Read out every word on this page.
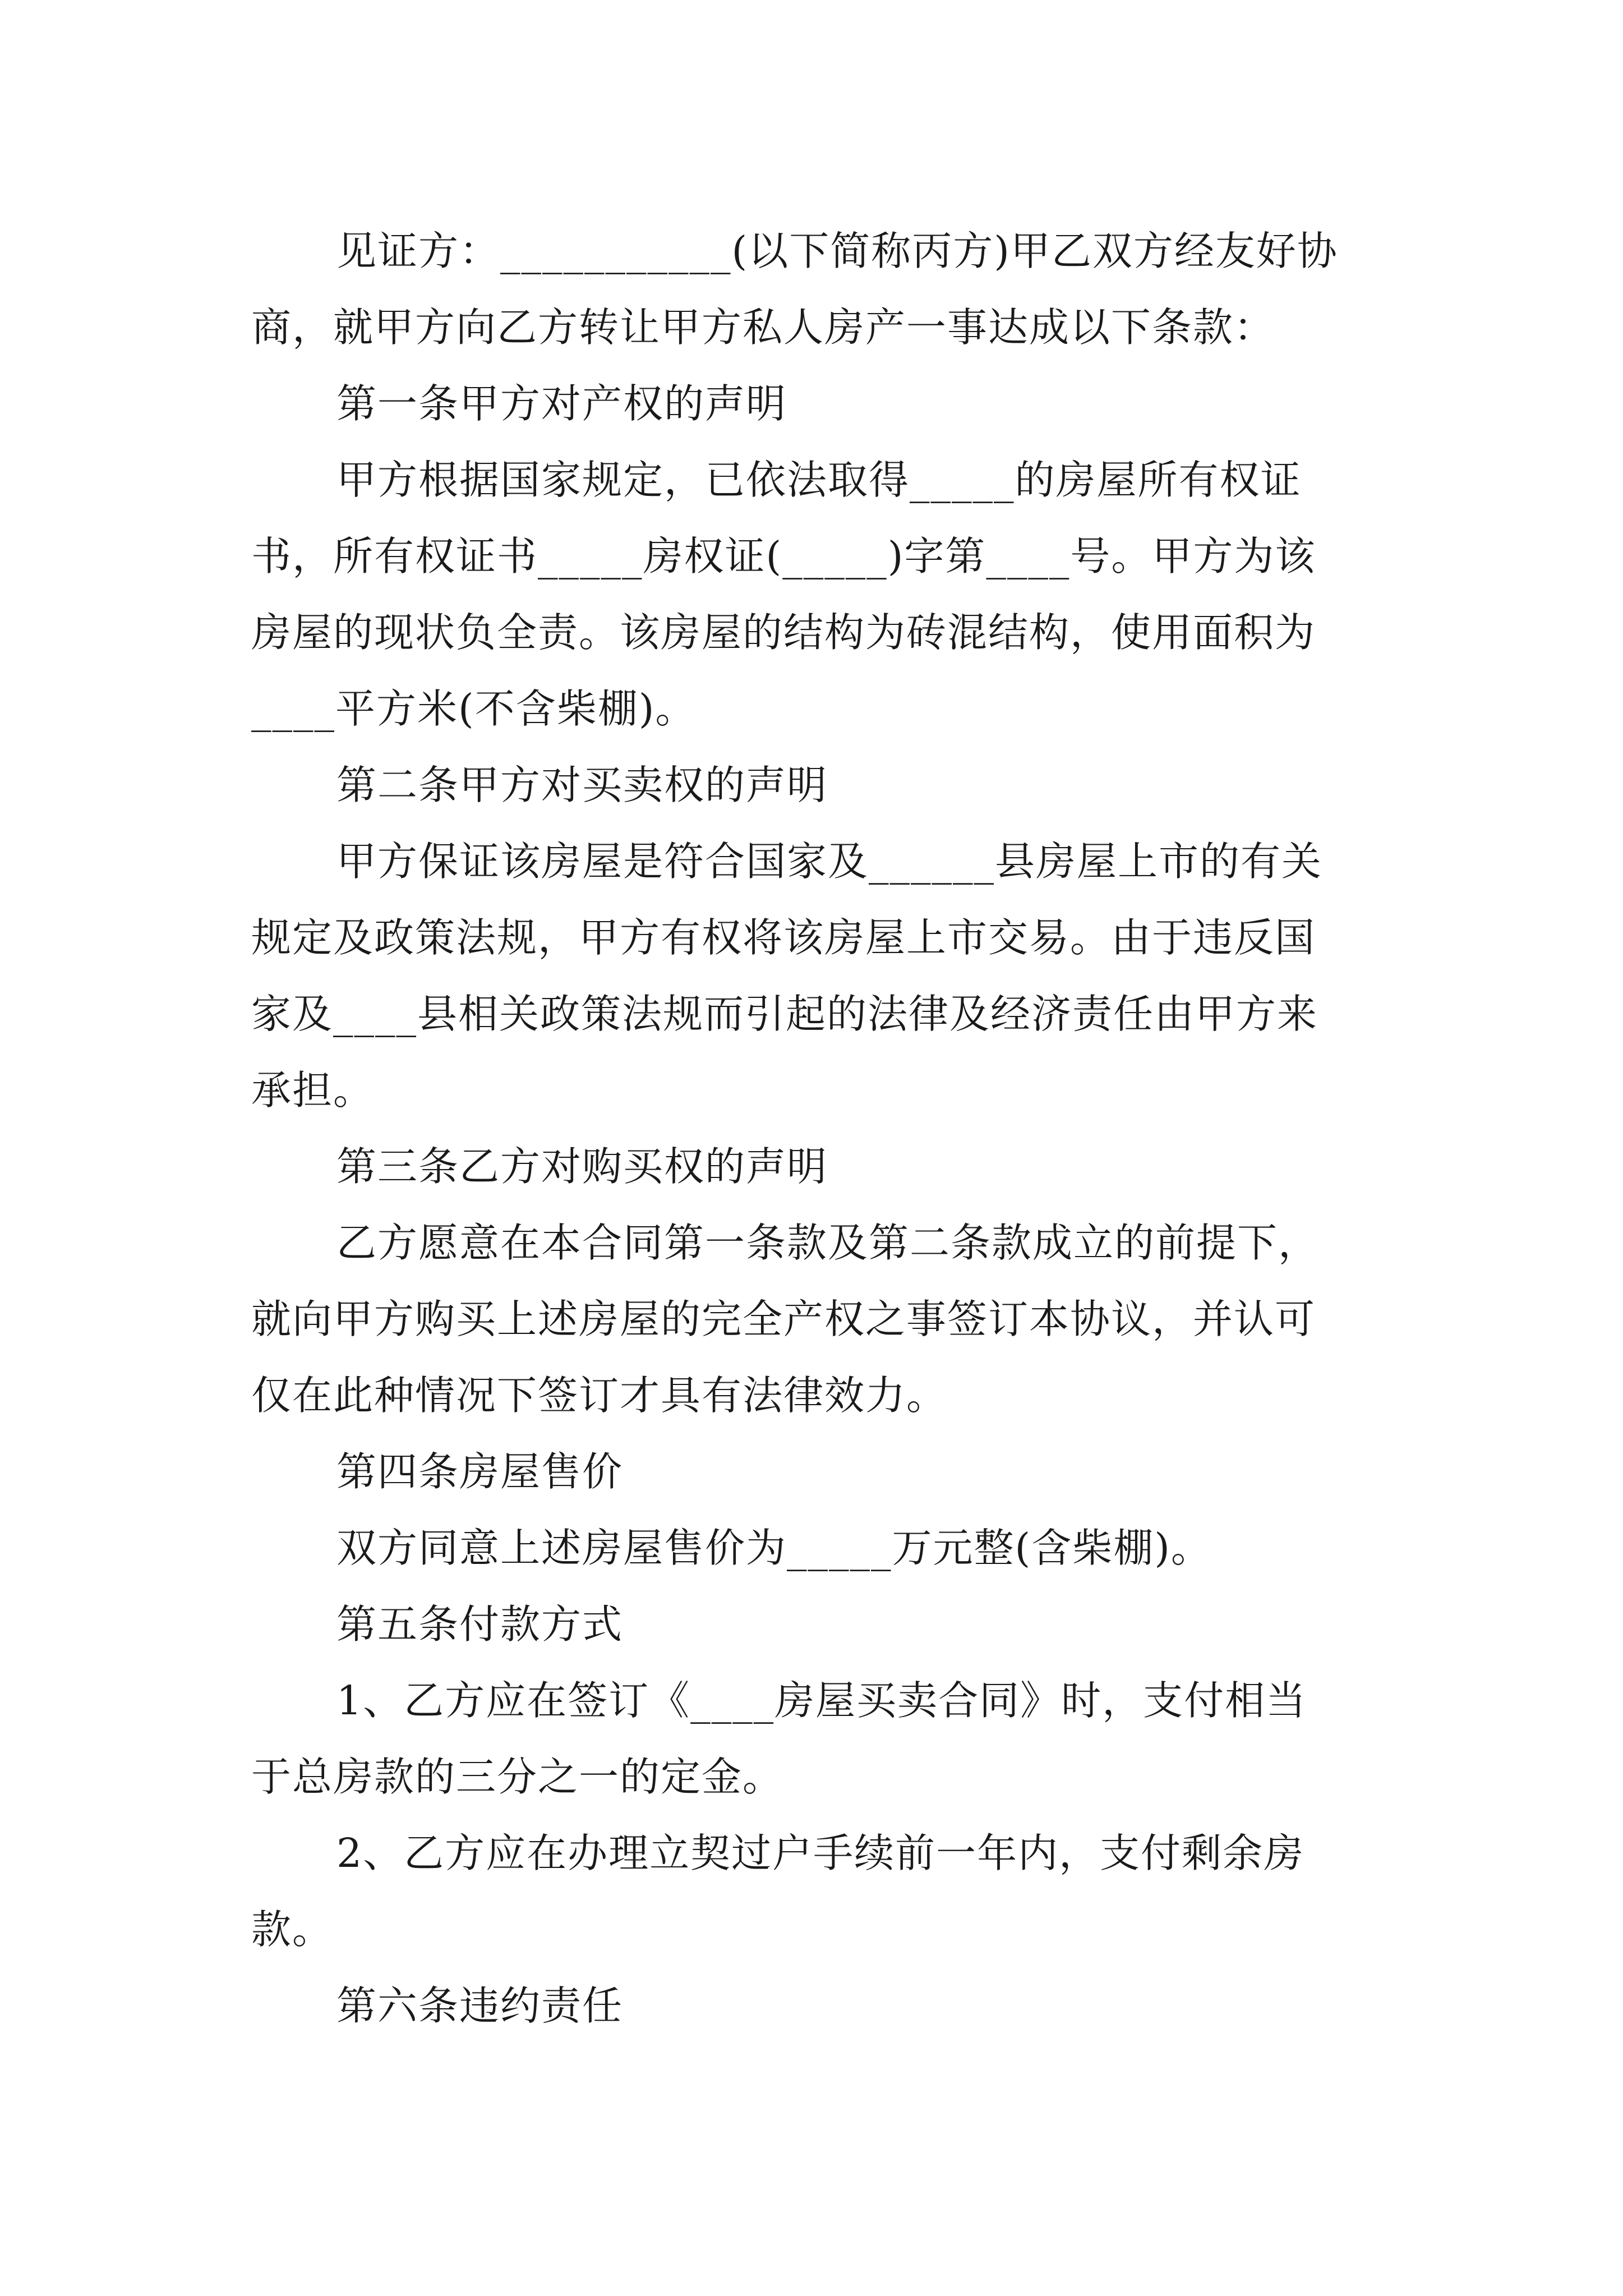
见证方：___________(以下简称丙方)甲乙双方经友好协
商，就甲方向乙方转让甲方私人房产一事达成以下条款：
第一条甲方对产权的声明
甲方根据国家规定，已依法取得_____的房屋所有权证
书，所有权证书_____房权证(_____)字第____号。甲方为该
房屋的现状负全责。该房屋的结构为砖混结构，使用面积为
____平方米(不含柴棚)。
第二条甲方对买卖权的声明
甲方保证该房屋是符合国家及______县房屋上市的有关
规定及政策法规，甲方有权将该房屋上市交易。由于违反国
家及____县相关政策法规而引起的法律及经济责任由甲方来
承担。
第三条乙方对购买权的声明
乙方愿意在本合同第一条款及第二条款成立的前提下，
就向甲方购买上述房屋的完全产权之事签订本协议，并认可
仅在此种情况下签订才具有法律效力。
第四条房屋售价
双方同意上述房屋售价为_____万元整(含柴棚)。
第五条付款方式
1、乙方应在签订《____房屋买卖合同》时，支付相当
于总房款的三分之一的定金。
2、乙方应在办理立契过户手续前一年内，支付剩余房
款。
第六条违约责任
